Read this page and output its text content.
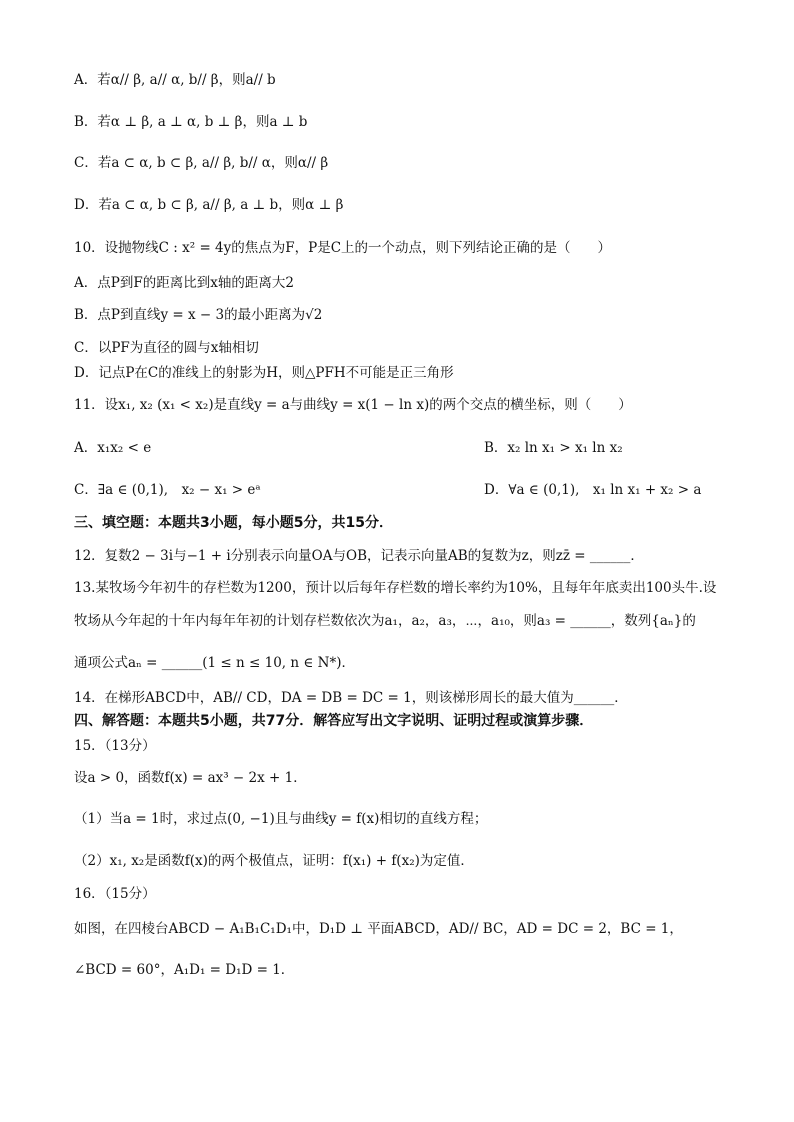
A．若α// β, a// α, b// β，则a// b
B．若α ⊥ β, a ⊥ α, b ⊥ β，则a ⊥ b
C．若a ⊂ α, b ⊂ β, a// β, b// α，则α// β
D．若a ⊂ α, b ⊂ β, a// β, a ⊥ b，则α ⊥ β
10．设抛物线C : x² = 4y的焦点为F，P是C上的一个动点，则下列结论正确的是（　　）
A．点P到F的距离比到x轴的距离大2
B．点P到直线y = x − 3的最小距离为√2
C．以PF为直径的圆与x轴相切
D．记点P在C的准线上的射影为H，则△PFH不可能是正三角形
11．设x₁, x₂ (x₁ < x₂)是直线y = a与曲线y = x(1 − ln x)的两个交点的横坐标，则（　　）
A．x₁x₂ < e	B．x₂ ln x₁ > x₁ ln x₂
C．∃a ∈ (0,1),　x₂ − x₁ > eᵃ	D．∀a ∈ (0,1),　x₁ ln x₁ + x₂ > a
三、填空题：本题共3小题，每小题5分，共15分．
12．复数2 − 3i与−1 + i分别表示向量OA与OB，记表示向量AB的复数为z，则zz̄ = ______．
13.某牧场今年初牛的存栏数为1200，预计以后每年存栏数的增长率约为10%，且每年年底卖出100头牛.设
牧场从今年起的十年内每年年初的计划存栏数依次为a₁，a₂，a₃，⋯，a₁₀，则a₃ = ______，数列{aₙ}的
通项公式aₙ = ______(1 ≤ n ≤ 10, n ∈ N*)．
14．在梯形ABCD中，AB// CD，DA = DB = DC = 1，则该梯形周长的最大值为______．
四、解答题：本题共5小题，共77分．解答应写出文字说明、证明过程或演算步骤．
15．（13分）
设a > 0，函数f(x) = ax³ − 2x + 1．
（1）当a = 1时，求过点(0, −1)且与曲线y = f(x)相切的直线方程；
（2）x₁, x₂是函数f(x)的两个极值点，证明：f(x₁) + f(x₂)为定值．
16．（15分）
如图，在四棱台ABCD − A₁B₁C₁D₁中，D₁D ⊥ 平面ABCD，AD// BC，AD = DC = 2，BC = 1，
∠BCD = 60°，A₁D₁ = D₁D = 1．
